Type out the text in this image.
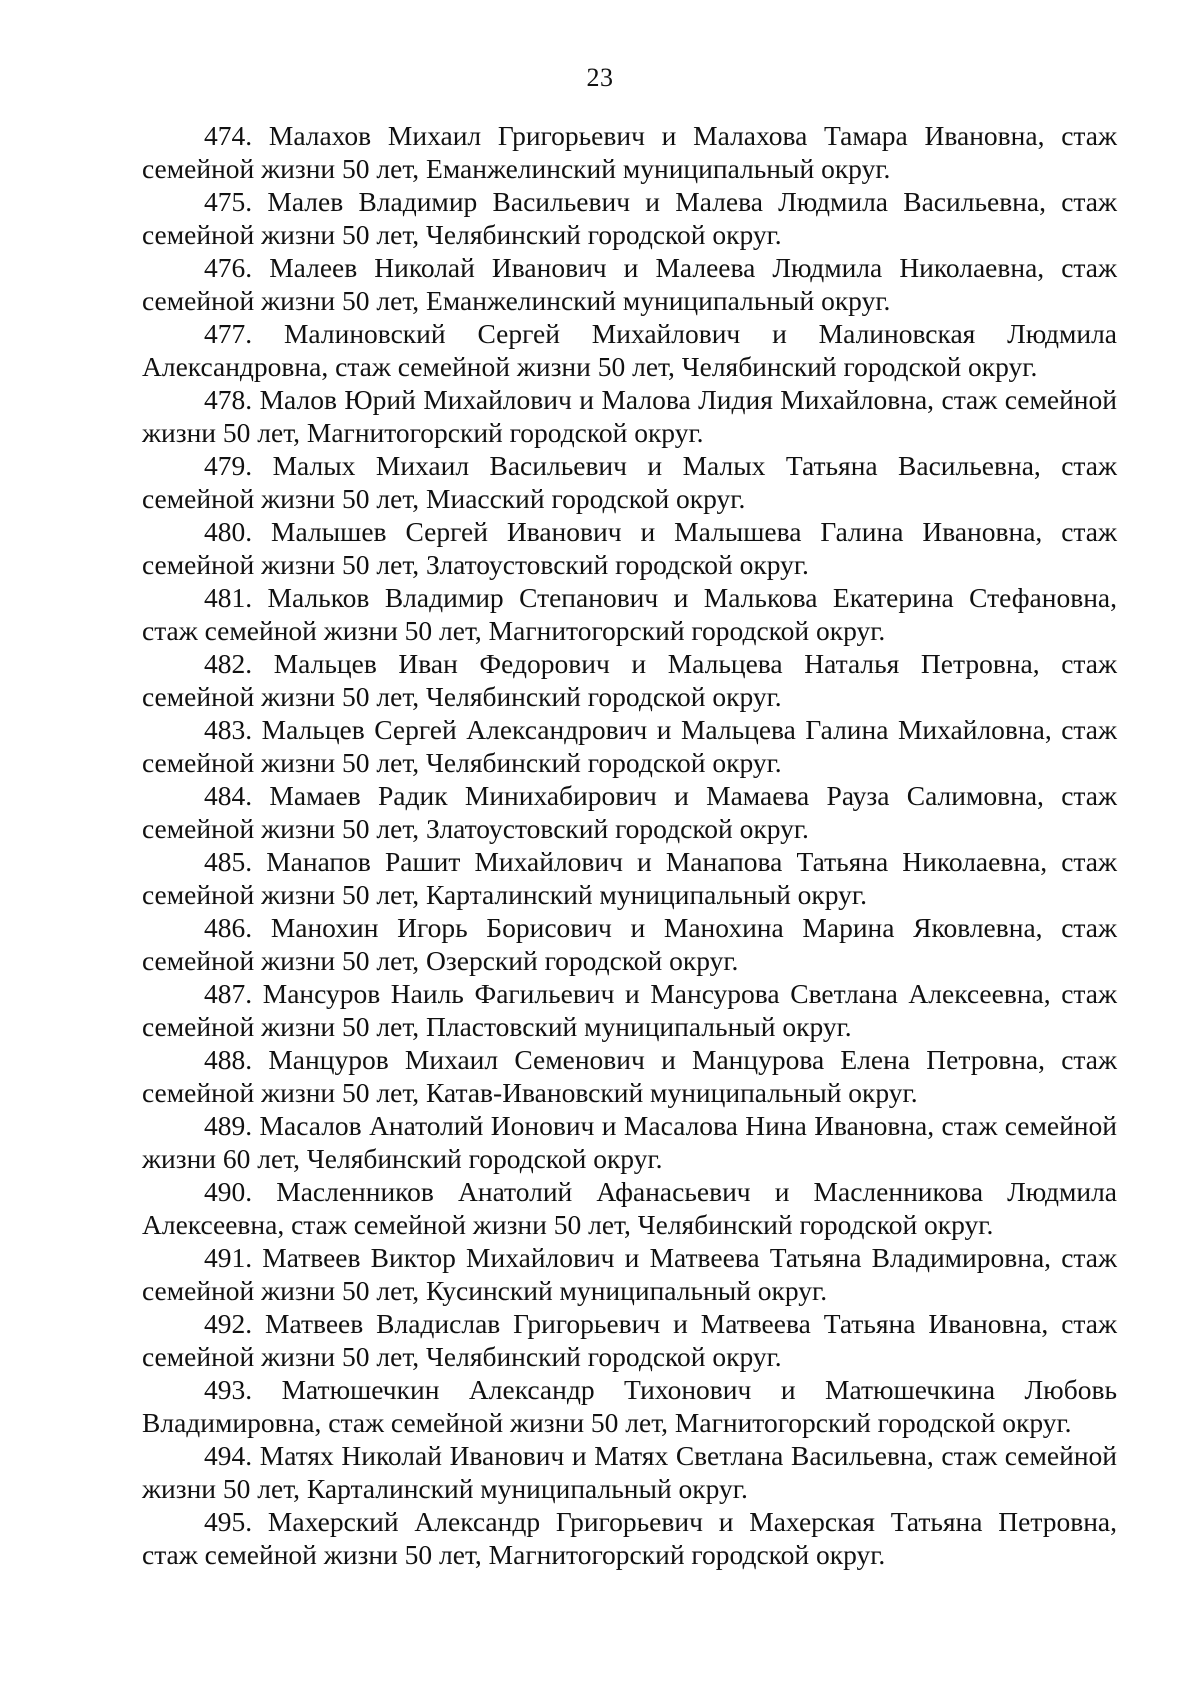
23

474. Малахов Михаил Григорьевич и Малахова Тамара Ивановна, стаж семейной жизни 50 лет, Еманжелинский муниципальный округ.

475. Малев Владимир Васильевич и Малева Людмила Васильевна, стаж семейной жизни 50 лет, Челябинский городской округ.

476. Малеев Николай Иванович и Малеева Людмила Николаевна, стаж семейной жизни 50 лет, Еманжелинский муниципальный округ.

477. Малиновский Сергей Михайлович и Малиновская Людмила Александровна, стаж семейной жизни 50 лет, Челябинский городской округ.

478. Малов Юрий Михайлович и Малова Лидия Михайловна, стаж семейной жизни 50 лет, Магнитогорский городской округ.

479. Малых Михаил Васильевич и Малых Татьяна Васильевна, стаж семейной жизни 50 лет, Миасский городской округ.

480. Малышев Сергей Иванович и Малышева Галина Ивановна, стаж семейной жизни 50 лет, Златоустовский городской округ.

481. Мальков Владимир Степанович и Малькова Екатерина Стефановна, стаж семейной жизни 50 лет, Магнитогорский городской округ.

482. Мальцев Иван Федорович и Мальцева Наталья Петровна, стаж семейной жизни 50 лет, Челябинский городской округ.

483. Мальцев Сергей Александрович и Мальцева Галина Михайловна, стаж семейной жизни 50 лет, Челябинский городской округ.

484. Мамаев Радик Минихабирович и Мамаева Рауза Салимовна, стаж семейной жизни 50 лет, Златоустовский городской округ.

485. Манапов Рашит Михайлович и Манапова Татьяна Николаевна, стаж семейной жизни 50 лет, Карталинский муниципальный округ.

486. Манохин Игорь Борисович и Манохина Марина Яковлевна, стаж семейной жизни 50 лет, Озерский городской округ.

487. Мансуров Наиль Фагильевич и Мансурова Светлана Алексеевна, стаж семейной жизни 50 лет, Пластовский муниципальный округ.

488. Манцуров Михаил Семенович и Манцурова Елена Петровна, стаж семейной жизни 50 лет, Катав-Ивановский муниципальный округ.

489. Масалов Анатолий Ионович и Масалова Нина Ивановна, стаж семейной жизни 60 лет, Челябинский городской округ.

490. Масленников Анатолий Афанасьевич и Масленникова Людмила Алексеевна, стаж семейной жизни 50 лет, Челябинский городской округ.

491. Матвеев Виктор Михайлович и Матвеева Татьяна Владимировна, стаж семейной жизни 50 лет, Кусинский муниципальный округ.

492. Матвеев Владислав Григорьевич и Матвеева Татьяна Ивановна, стаж семейной жизни 50 лет, Челябинский городской округ.

493. Матюшечкин Александр Тихонович и Матюшечкина Любовь Владимировна, стаж семейной жизни 50 лет, Магнитогорский городской округ.

494. Матях Николай Иванович и Матях Светлана Васильевна, стаж семейной жизни 50 лет, Карталинский муниципальный округ.

495. Махерский Александр Григорьевич и Махерская Татьяна Петровна, стаж семейной жизни 50 лет, Магнитогорский городской округ.
